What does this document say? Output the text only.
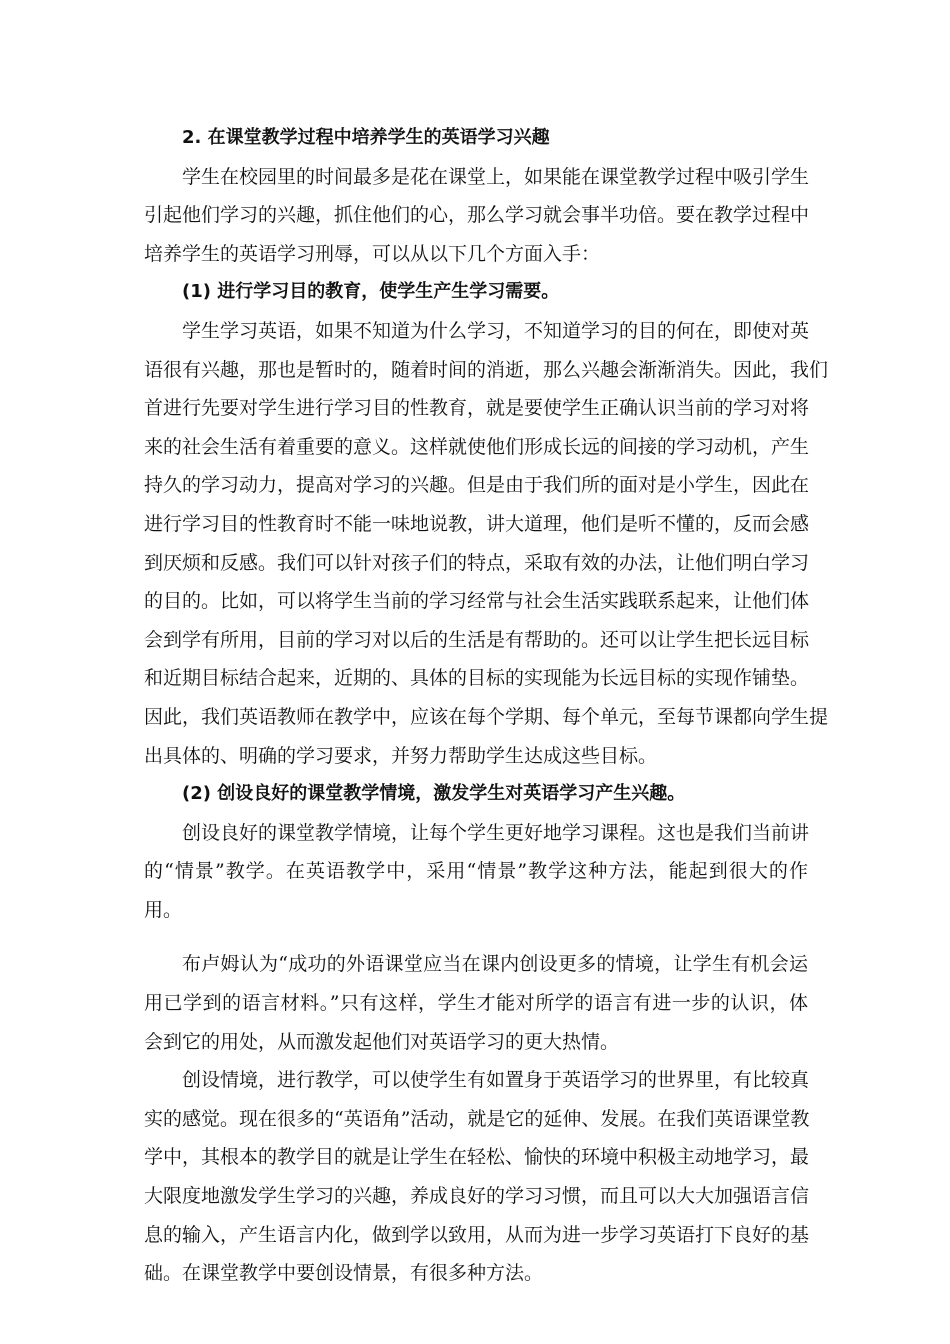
2. 在课堂教学过程中培养学生的英语学习兴趣
学生在校园里的时间最多是花在课堂上，如果能在课堂教学过程中吸引学生
引起他们学习的兴趣，抓住他们的心，那么学习就会事半功倍。要在教学过程中
培养学生的英语学习刑辱，可以从以下几个方面入手：
(1) 进行学习目的教育，使学生产生学习需要。
学生学习英语，如果不知道为什么学习，不知道学习的目的何在，即使对英
语很有兴趣，那也是暂时的，随着时间的消逝，那么兴趣会渐渐消失。因此，我们
首进行先要对学生进行学习目的性教育，就是要使学生正确认识当前的学习对将
来的社会生活有着重要的意义。这样就使他们形成长远的间接的学习动机，产生
持久的学习动力，提高对学习的兴趣。但是由于我们所的面对是小学生，因此在
进行学习目的性教育时不能一味地说教，讲大道理，他们是听不懂的，反而会感
到厌烦和反感。我们可以针对孩子们的特点，采取有效的办法，让他们明白学习
的目的。比如，可以将学生当前的学习经常与社会生活实践联系起来，让他们体
会到学有所用，目前的学习对以后的生活是有帮助的。还可以让学生把长远目标
和近期目标结合起来，近期的、具体的目标的实现能为长远目标的实现作铺垫。
因此，我们英语教师在教学中，应该在每个学期、每个单元，至每节课都向学生提
出具体的、明确的学习要求，并努力帮助学生达成这些目标。
(2) 创设良好的课堂教学情境，激发学生对英语学习产生兴趣。
创设良好的课堂教学情境，让每个学生更好地学习课程。这也是我们当前讲
的“情景”教学。在英语教学中，采用“情景”教学这种方法，能起到很大的作
用。
布卢姆认为“成功的外语课堂应当在课内创设更多的情境，让学生有机会运
用已学到的语言材料。”只有这样，学生才能对所学的语言有进一步的认识，体
会到它的用处，从而激发起他们对英语学习的更大热情。
创设情境，进行教学，可以使学生有如置身于英语学习的世界里，有比较真
实的感觉。现在很多的“英语角”活动，就是它的延伸、发展。在我们英语课堂教
学中，其根本的教学目的就是让学生在轻松、愉快的环境中积极主动地学习，最
大限度地激发学生学习的兴趣，养成良好的学习习惯，而且可以大大加强语言信
息的输入，产生语言内化，做到学以致用，从而为进一步学习英语打下良好的基
础。在课堂教学中要创设情景，有很多种方法。
